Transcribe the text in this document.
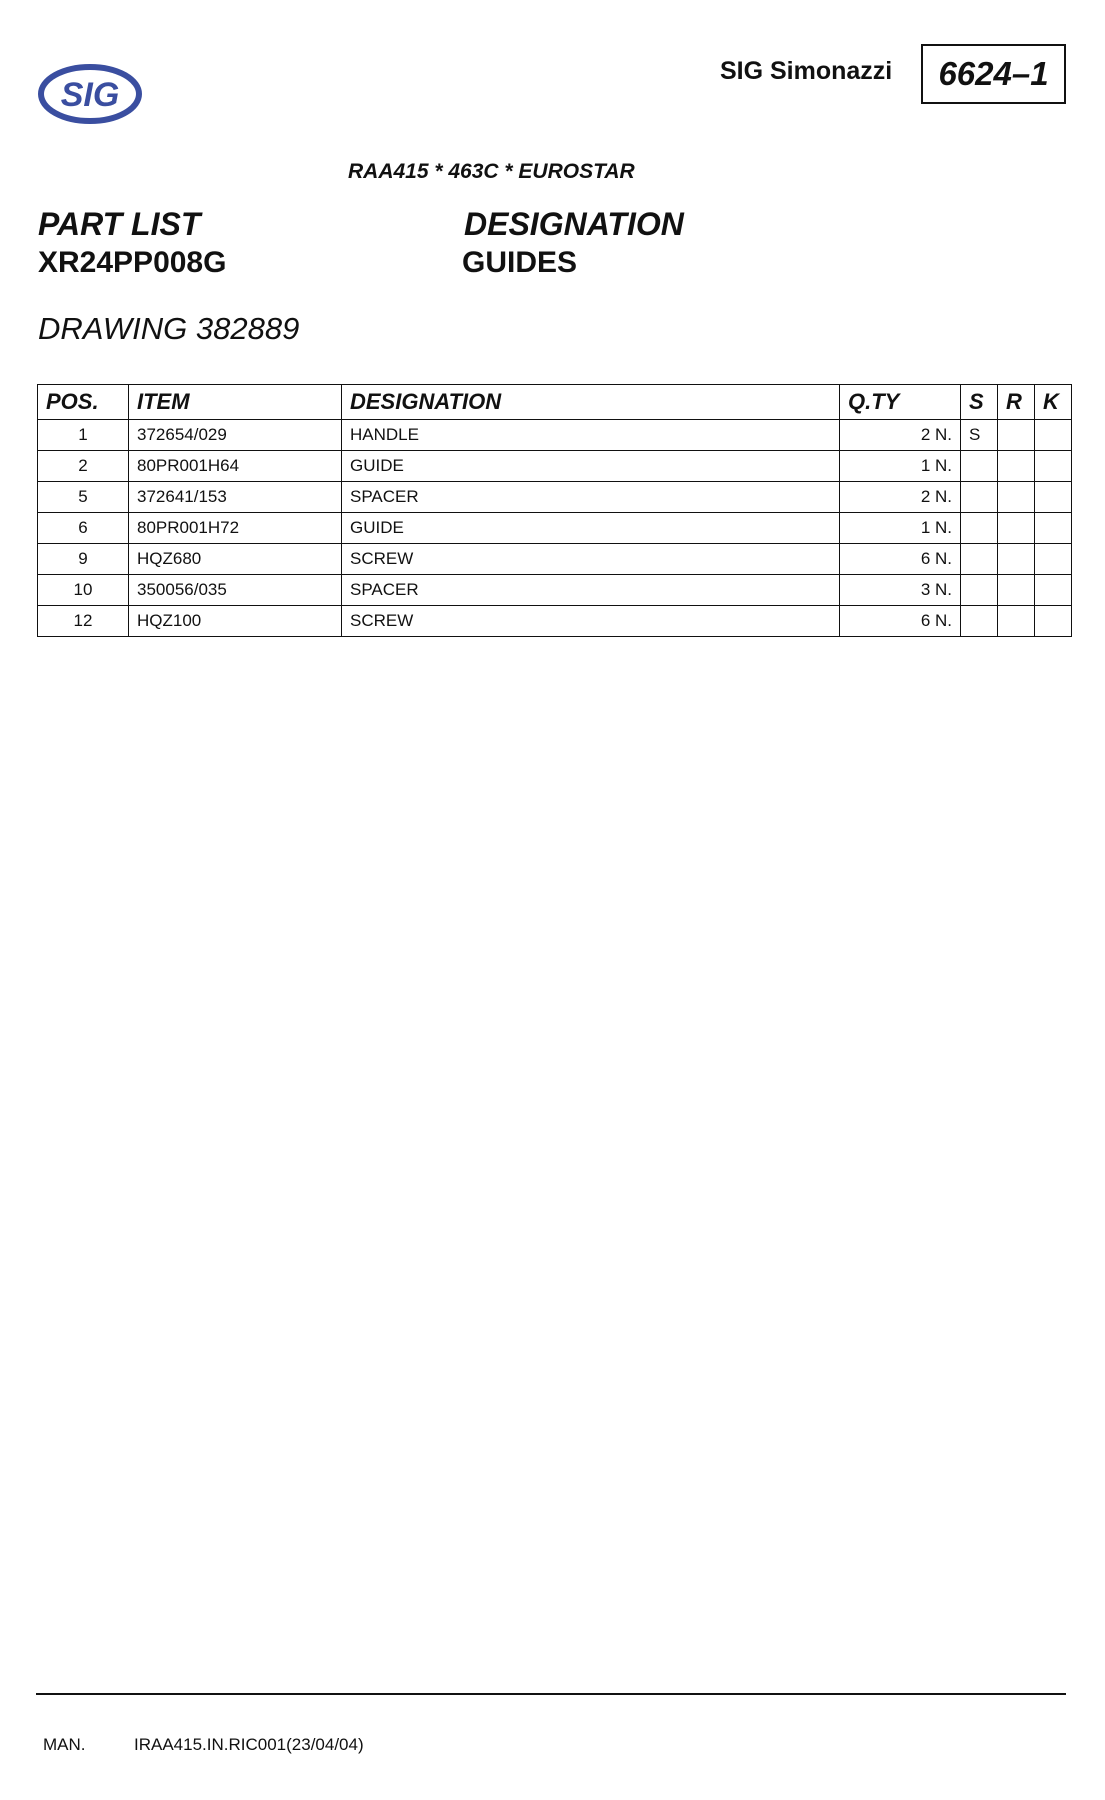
SIG
SIG Simonazzi 6624–1
RAA415 * 463C * EUROSTAR
PART LIST
XR24PP008G
DESIGNATION
GUIDES
DRAWING 382889
POS.	ITEM	DESIGNATION	Q.TY	S	R	K
1	372654/029	HANDLE	2 N.	S		
2	80PR001H64	GUIDE	1 N.			
5	372641/153	SPACER	2 N.			
6	80PR001H72	GUIDE	1 N.			
9	HQZ680	SCREW	6 N.			
10	350056/035	SPACER	3 N.			
12	HQZ100	SCREW	6 N.			
MAN.	IRAA415.IN.RIC001(23/04/04)
